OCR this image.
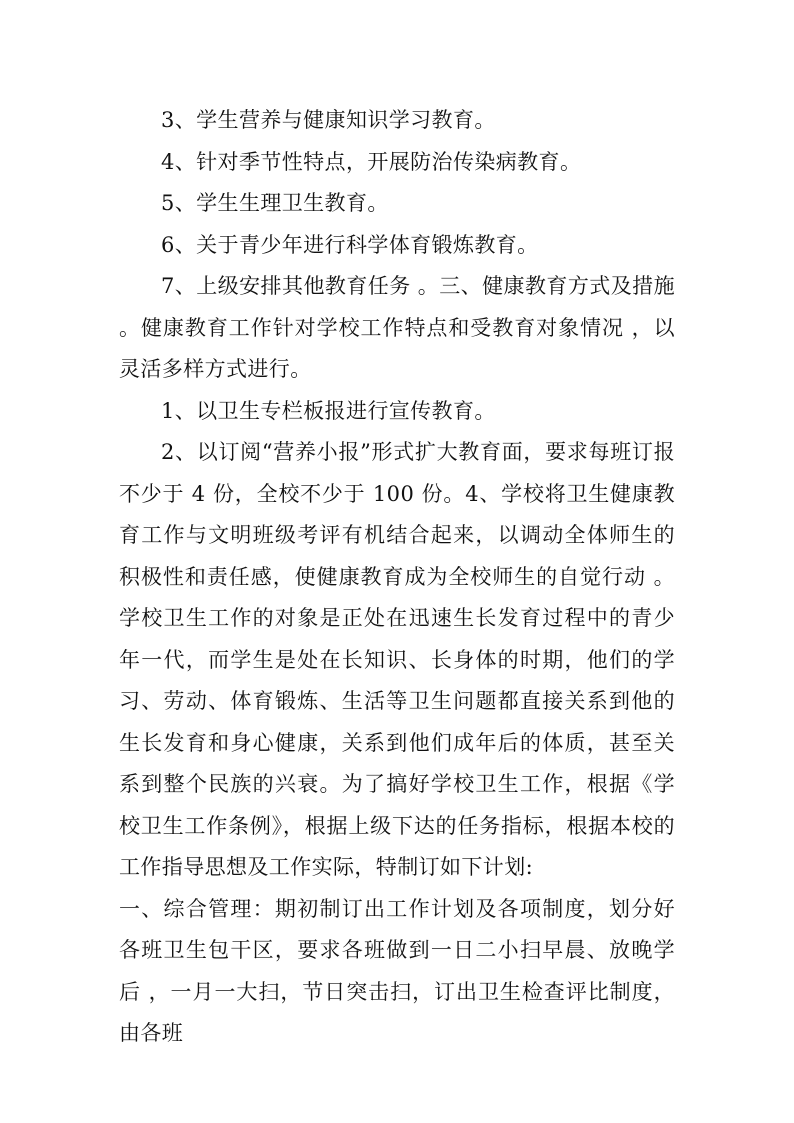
3、学生营养与健康知识学习教育。

4、针对季节性特点，开展防治传染病教育。

5、学生生理卫生教育。

6、关于青少年进行科学体育锻炼教育。

7、上级安排其他教育任务 。三、健康教育方式及措施 。健康教育工作针对学校工作特点和受教育对象情况 ，以灵活多样方式进行。

1、以卫生专栏板报进行宣传教育。

2、以订阅“营养小报”形式扩大教育面，要求每班订报不少于 4 份，全校不少于 100 份。4、学校将卫生健康教育工作与文明班级考评有机结合起来，以调动全体师生的积极性和责任感，使健康教育成为全校师生的自觉行动 。学校卫生工作的对象是正处在迅速生长发育过程中的青少年一代，而学生是处在长知识、长身体的时期，他们的学习、劳动、体育锻炼、生活等卫生问题都直接关系到他的生长发育和身心健康，关系到他们成年后的体质，甚至关系到整个民族的兴衰。为了搞好学校卫生工作，根据《学校卫生工作条例》，根据上级下达的任务指标，根据本校的工作指导思想及工作实际，特制订如下计划:

一、综合管理：期初制订出工作计划及各项制度，划分好各班卫生包干区，要求各班做到一日二小扫早晨、放晚学后 ，一月一大扫，节日突击扫，订出卫生检查评比制度，由各班
